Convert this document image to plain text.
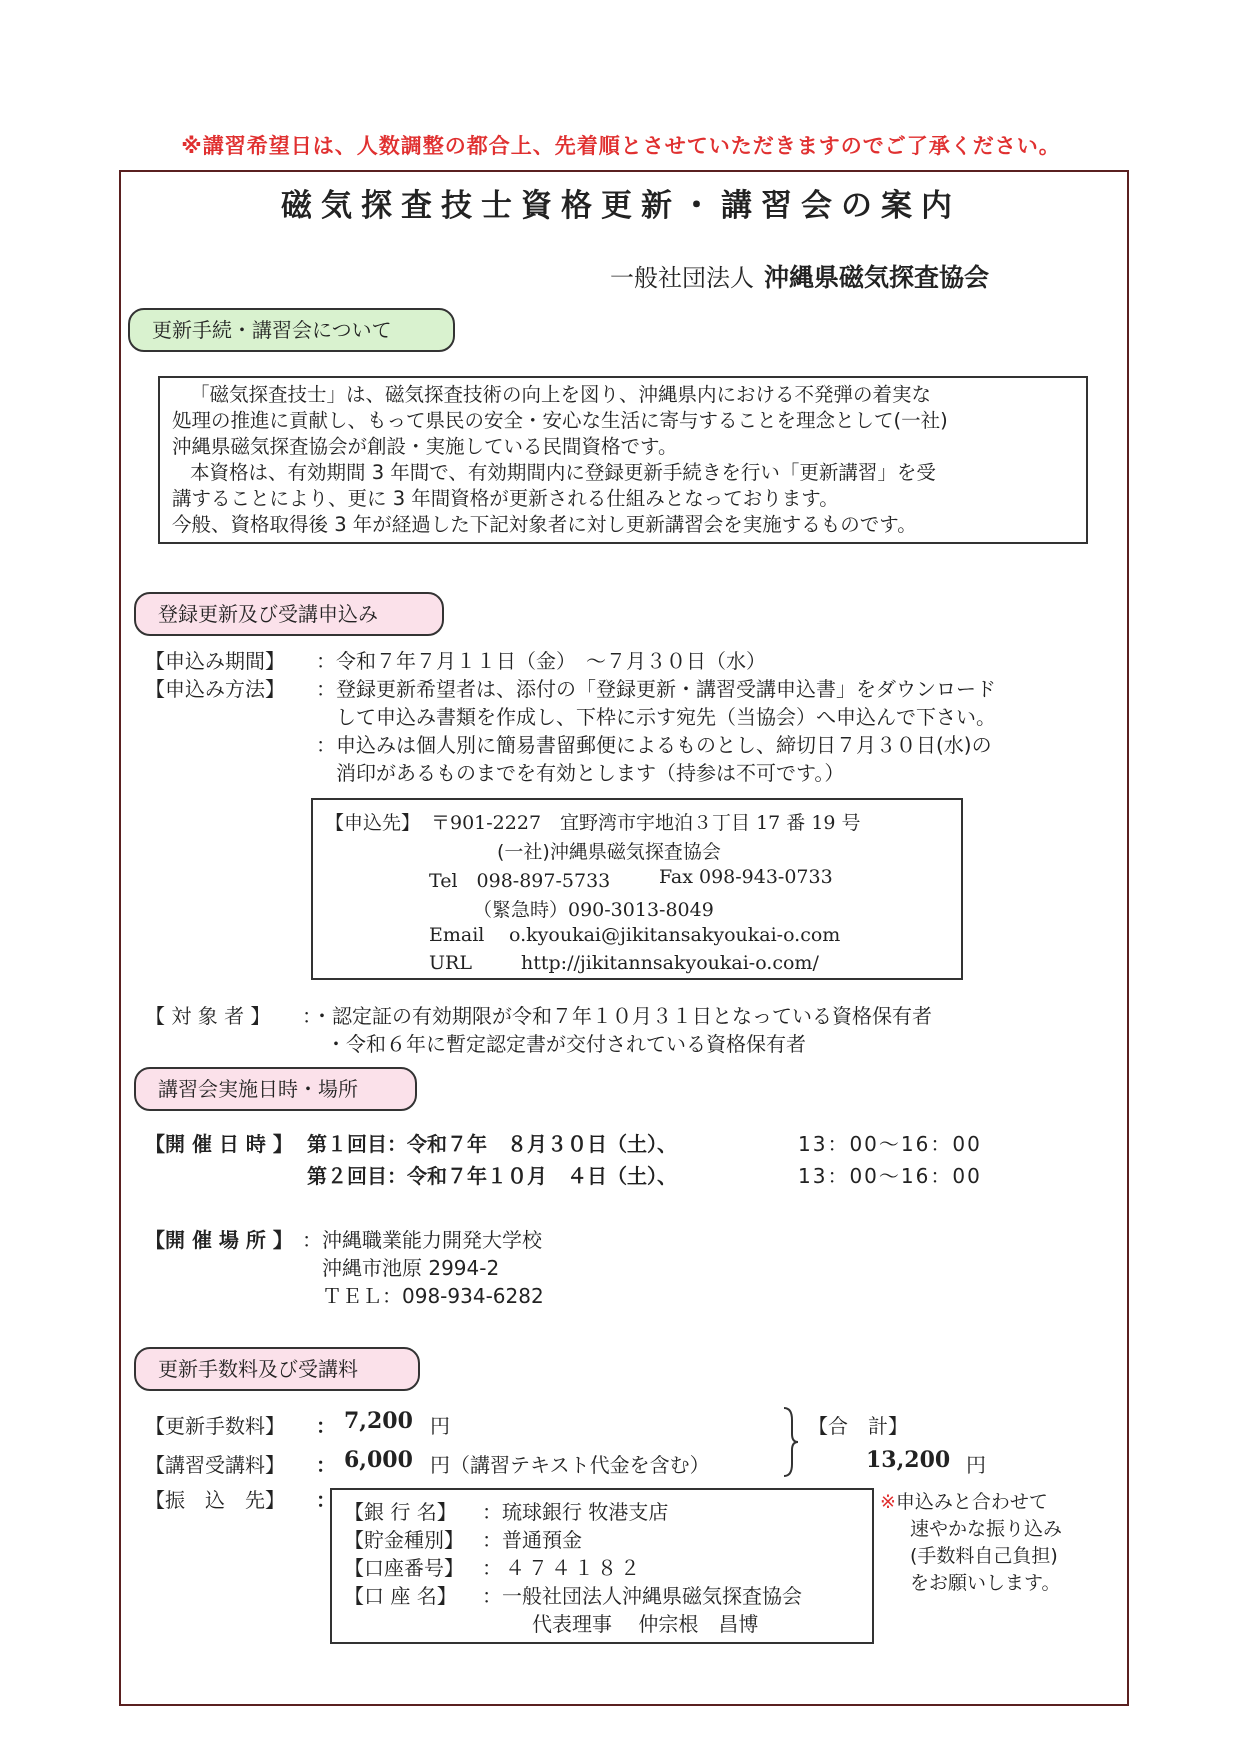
※講習希望日は、人数調整の都合上、先着順とさせていただきますのでご了承ください。
磁気探査技士資格更新・講習会の案内
一般社団法人 沖縄県磁気探査協会
更新手続・講習会について

「磁気探査技士」は、磁気探査技術の向上を図り、沖縄県内における不発弾の着実な

処理の推進に貢献し、もって県民の安全・安心な生活に寄与することを理念として(一社)

沖縄県磁気探査協会が創設・実施している民間資格です。

本資格は、有効期間 3 年間で、有効期間内に登録更新手続きを行い「更新講習」を受

講することにより、更に 3 年間資格が更新される仕組みとなっております。

今般、資格取得後 3 年が経過した下記対象者に対し更新講習会を実施するものです。

登録更新及び受講申込み
【申込み期間】 ：令和７年７月１１日（金）　～７月３０日（水）
【申込み方法】 ：登録更新希望者は、添付の「登録更新・講習受講申込書」をダウンロード
して申込み書類を作成し、下枠に示す宛先（当協会）へ申込んで下さい。
：申込みは個人別に簡易書留郵便によるものとし、締切日７月３０日(水)の
消印があるものまでを有効とします（持参は不可です。）
【申込先】 〒901-2227　宜野湾市宇地泊３丁目 17 番 19 号
(一社)沖縄県磁気探査協会
Tel　098-897-5733	Fax 098-943-0733
（緊急時）090-3013-8049
Email o.kyoukai@jikitansakyoukai-o.com
URL	http://jikitannsakyoukai-o.com/
【 対 象 者 】 ：・認定証の有効期限が令和７年１０月３１日となっている資格保有者
・令和６年に暫定認定書が交付されている資格保有者
講習会実施日時・場所
【開 催 日 時 】 第１回目：令和７年　８月３０日（土）、	13：00～16：00
第２回目：令和７年１０月　４日（土）、	13：00～16：00
【開 催 場 所 】 ：沖縄職業能力開発大学校
沖縄市池原 2994-2
ＴＥＬ：098-934-6282
更新手数料及び受講料
【更新手数料】 ： 7,200 円
【講習受講料】 ： 6,000 円（講習テキスト代金を含む）
【合　計】
13,200 円
【振　込　先】 ： 【銀 行 名】 ：琉球銀行 牧港支店
【貯金種別】 ：普通預金
【口座番号】 ：４７４１８２
【口 座 名】 ：一般社団法人沖縄県磁気探査協会
代表理事　 仲宗根　昌博
※申込みと合わせて
速やかな振り込み
(手数料自己負担)
をお願いします。
